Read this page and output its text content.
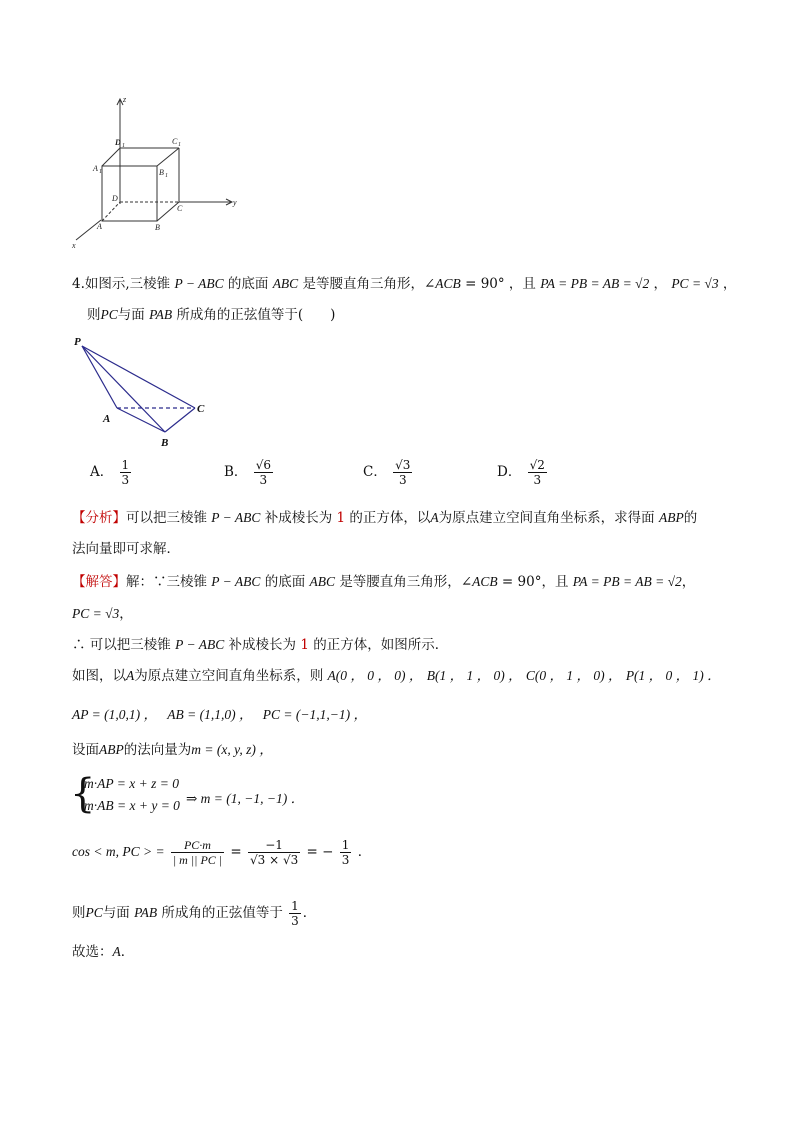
z
y
x
D 1	C 1
A 1	B 1
D
C
A	B
4.如图示,三棱锥 P − ABC 的底面 ABC 是等腰直角三角形，∠ACB = 90° ，且 PA = PB = AB = √2 ， PC = √3 ，
则PC与面 PAB 所成角的正弦值等于(　　)
P
A
B
C
A． $\frac{1}{3}$	B． $\frac{√6}{3}$	C． $\frac{√3}{3}$	D． $\frac{√2}{3}$
【分析】可以把三棱锥 P − ABC 补成棱长为 1 的正方体，以A为原点建立空间直角坐标系，求得面 ABP的
法向量即可求解．
【解答】解：∵三棱锥 P − ABC 的底面 ABC 是等腰直角三角形，∠ACB = 90°，且 PA = PB = AB = √2，
PC = √3，
∴ 可以把三棱锥 P − ABC 补成棱长为 1 的正方体，如图所示．
如图，以A为原点建立空间直角坐标系，则 A(0 ， 0 ， 0) ， B(1 ， 1 ， 0) ， C(0 ， 1 ， 0) ， P(1 ， 0 ， 1) ．
AP = (1,0,1) ， AB = (1,1,0) ， PC = (−1,1,−1) ，
设面ABP的法向量为m = (x, y, z) ，
{
m·AP = x + z = 0
m·AB = x + y = 0 ⇒ m = (1, −1, −1) ．
cos < m, PC > = $\frac{PC\cdot m}{| m || PC |} = \frac{-1}{√3 \times √3}$ = − $\frac{1}{3}$ ．
则PC与面 PAB 所成角的正弦值等于 $\frac{1}{3}$ ．
故选：A．
